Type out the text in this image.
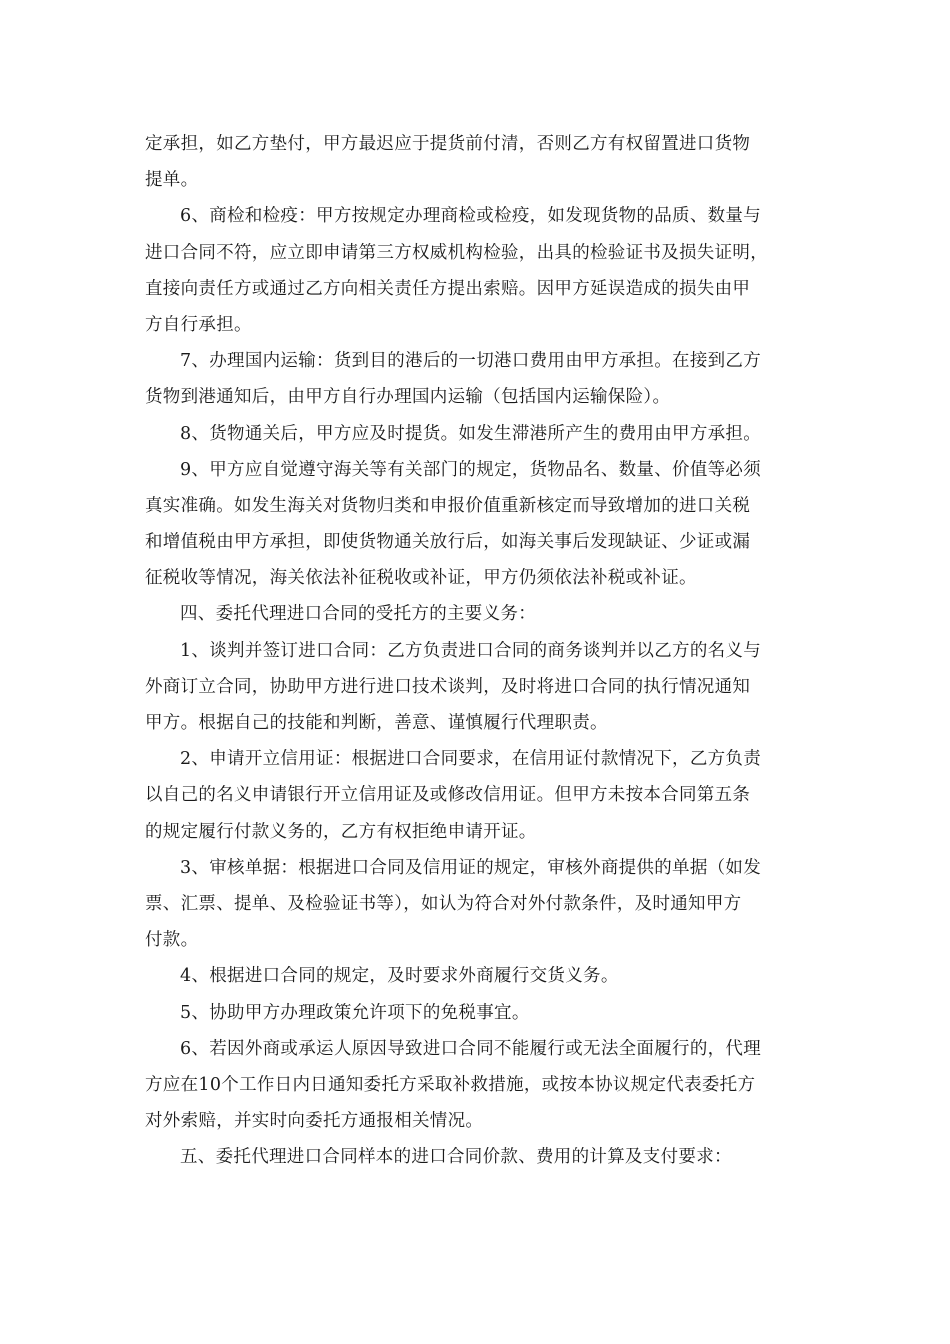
定承担，如乙方垫付，甲方最迟应于提货前付清，否则乙方有权留置进口货物
提单。
6、商检和检疫：甲方按规定办理商检或检疫，如发现货物的品质、数量与
进口合同不符，应立即申请第三方权威机构检验，出具的检验证书及损失证明，
直接向责任方或通过乙方向相关责任方提出索赔。因甲方延误造成的损失由甲
方自行承担。
7、办理国内运输：货到目的港后的一切港口费用由甲方承担。在接到乙方
货物到港通知后，由甲方自行办理国内运输（包括国内运输保险）。
8、货物通关后，甲方应及时提货。如发生滞港所产生的费用由甲方承担。
9、甲方应自觉遵守海关等有关部门的规定，货物品名、数量、价值等必须
真实准确。如发生海关对货物归类和申报价值重新核定而导致增加的进口关税
和增值税由甲方承担，即使货物通关放行后，如海关事后发现缺证、少证或漏
征税收等情况，海关依法补征税收或补证，甲方仍须依法补税或补证。
四、委托代理进口合同的受托方的主要义务：
1、谈判并签订进口合同：乙方负责进口合同的商务谈判并以乙方的名义与
外商订立合同，协助甲方进行进口技术谈判，及时将进口合同的执行情况通知
甲方。根据自己的技能和判断，善意、谨慎履行代理职责。
2、申请开立信用证：根据进口合同要求，在信用证付款情况下，乙方负责
以自己的名义申请银行开立信用证及或修改信用证。但甲方未按本合同第五条
的规定履行付款义务的，乙方有权拒绝申请开证。
3、审核单据：根据进口合同及信用证的规定，审核外商提供的单据（如发
票、汇票、提单、及检验证书等），如认为符合对外付款条件，及时通知甲方
付款。
4、根据进口合同的规定，及时要求外商履行交货义务。
5、协助甲方办理政策允许项下的免税事宜。
6、若因外商或承运人原因导致进口合同不能履行或无法全面履行的，代理
方应在10个工作日内日通知委托方采取补救措施，或按本协议规定代表委托方
对外索赔，并实时向委托方通报相关情况。
五、委托代理进口合同样本的进口合同价款、费用的计算及支付要求：
